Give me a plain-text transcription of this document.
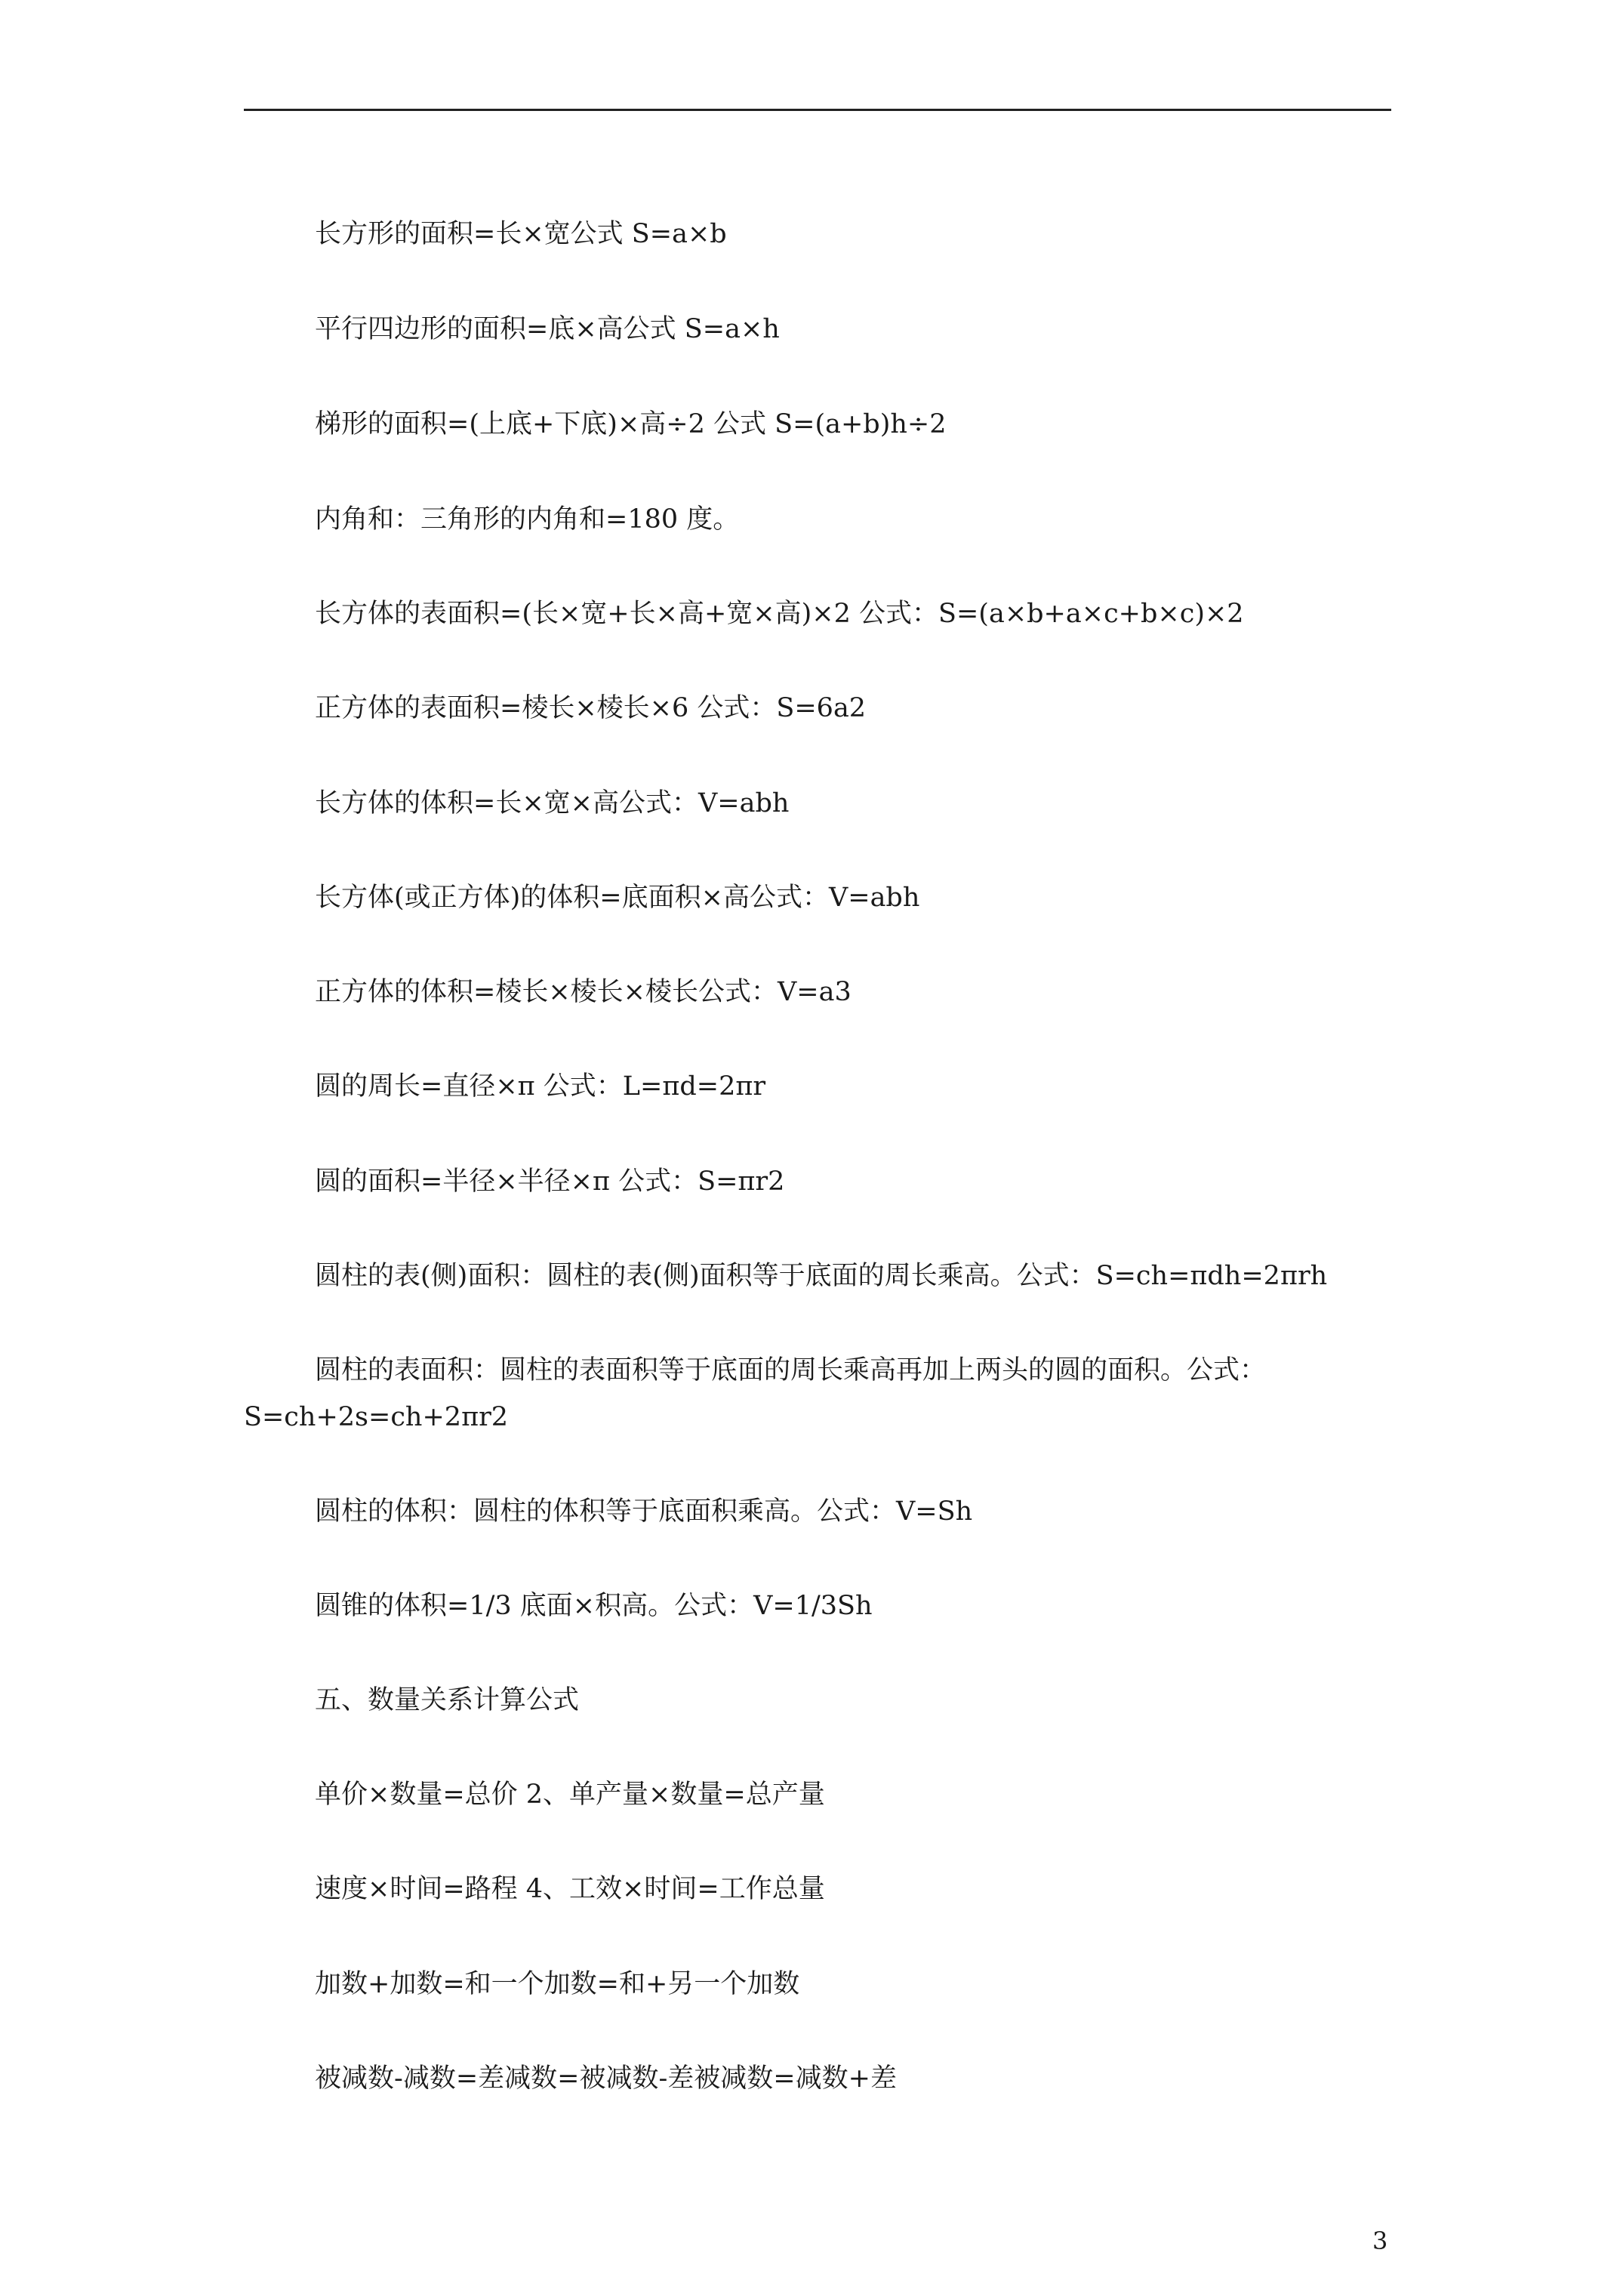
长方形的面积=长×宽公式 S=a×b
平行四边形的面积=底×高公式 S=a×h
梯形的面积=(上底+下底)×高÷2 公式 S=(a+b)h÷2
内角和：三角形的内角和=180 度。
长方体的表面积=(长×宽+长×高+宽×高)×2 公式：S=(a×b+a×c+b×c)×2
正方体的表面积=棱长×棱长×6 公式：S=6a2
长方体的体积=长×宽×高公式：V=abh
长方体(或正方体)的体积=底面积×高公式：V=abh
正方体的体积=棱长×棱长×棱长公式：V=a3
圆的周长=直径×π 公式：L=πd=2πr
圆的面积=半径×半径×π 公式：S=πr2
圆柱的表(侧)面积：圆柱的表(侧)面积等于底面的周长乘高。公式：S=ch=πdh=2πrh
圆柱的表面积：圆柱的表面积等于底面的周长乘高再加上两头的圆的面积。公式：S=ch+2s=ch+2πr2
圆柱的体积：圆柱的体积等于底面积乘高。公式：V=Sh
圆锥的体积=1/3 底面×积高。公式：V=1/3Sh
五、数量关系计算公式
单价×数量=总价 2、单产量×数量=总产量
速度×时间=路程 4、工效×时间=工作总量
加数+加数=和一个加数=和+另一个加数
被减数-减数=差减数=被减数-差被减数=减数+差
3
